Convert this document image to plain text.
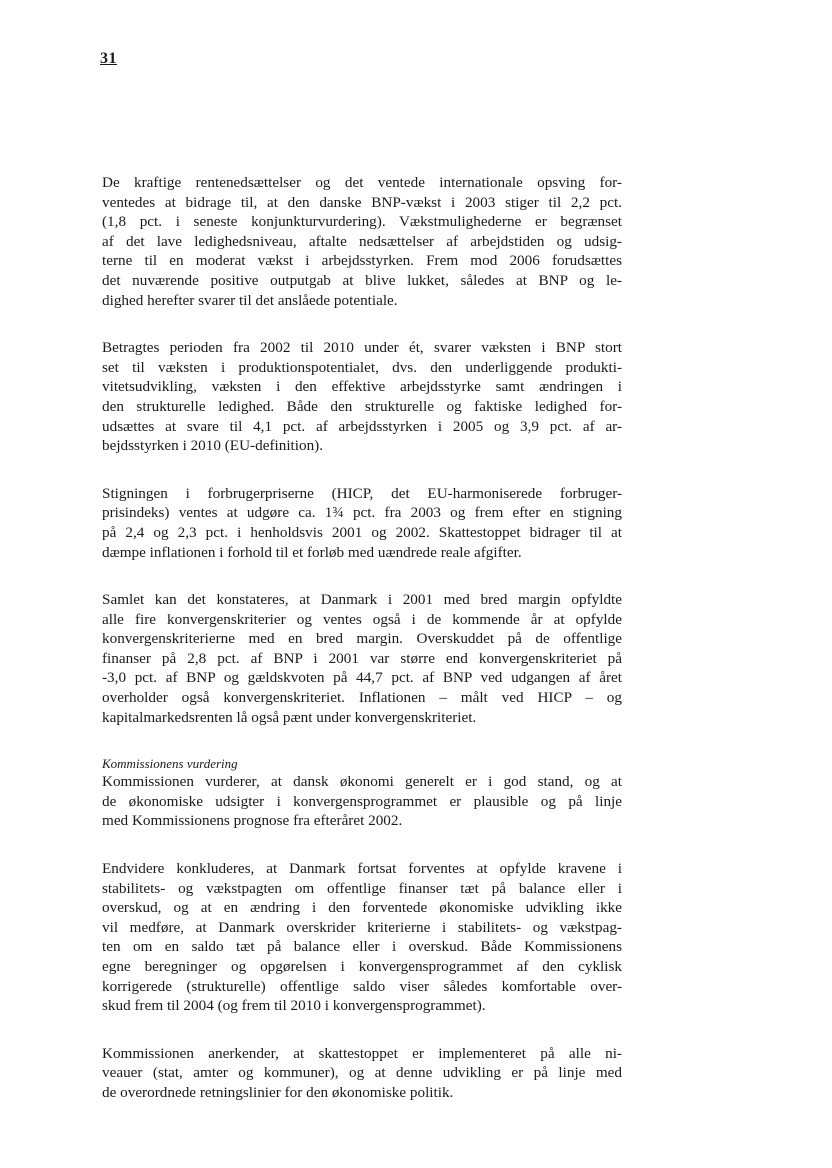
31

De kraftige rentenedsættelser og det ventede internationale opsving for-
ventedes at bidrage til, at den danske BNP-vækst i 2003 stiger til 2,2 pct.
(1,8 pct. i seneste konjunkturvurdering). Vækstmulighederne er begrænset
af det lave ledighedsniveau, aftalte nedsættelser af arbejdstiden og udsig-
terne til en moderat vækst i arbejdsstyrken. Frem mod 2006 forudsættes
det nuværende positive outputgab at blive lukket, således at BNP og le-
dighed herefter svarer til det anslåede potentiale.

Betragtes perioden fra 2002 til 2010 under ét, svarer væksten i BNP stort
set til væksten i produktionspotentialet, dvs. den underliggende produkti-
vitetsudvikling, væksten i den effektive arbejdsstyrke samt ændringen i
den strukturelle ledighed. Både den strukturelle og faktiske ledighed for-
udsættes at svare til 4,1 pct. af arbejdsstyrken i 2005 og 3,9 pct. af ar-
bejdsstyrken i 2010 (EU-definition).

Stigningen i forbrugerpriserne (HICP, det EU-harmoniserede forbruger-
prisindeks) ventes at udgøre ca. 1¾ pct. fra 2003 og frem efter en stigning
på 2,4 og 2,3 pct. i henholdsvis 2001 og 2002. Skattestoppet bidrager til at
dæmpe inflationen i forhold til et forløb med uændrede reale afgifter.

Samlet kan det konstateres, at Danmark i 2001 med bred margin opfyldte
alle fire konvergenskriterier og ventes også i de kommende år at opfylde
konvergenskriterierne med en bred margin. Overskuddet på de offentlige
finanser på 2,8 pct. af BNP i 2001 var større end konvergenskriteriet på
-3,0 pct. af BNP og gældskvoten på 44,7 pct. af BNP ved udgangen af året
overholder også konvergenskriteriet. Inflationen – målt ved HICP – og
kapitalmarkedsrenten lå også pænt under konvergenskriteriet.

Kommissionens vurdering
Kommissionen vurderer, at dansk økonomi generelt er i god stand, og at
de økonomiske udsigter i konvergensprogrammet er plausible og på linje
med Kommissionens prognose fra efteråret 2002.

Endvidere konkluderes, at Danmark fortsat forventes at opfylde kravene i
stabilitets- og vækstpagten om offentlige finanser tæt på balance eller i
overskud, og at en ændring i den forventede økonomiske udvikling ikke
vil medføre, at Danmark overskrider kriterierne i stabilitets- og vækstpag-
ten om en saldo tæt på balance eller i overskud. Både Kommissionens
egne beregninger og opgørelsen i konvergensprogrammet af den cyklisk
korrigerede (strukturelle) offentlige saldo viser således komfortable over-
skud frem til 2004 (og frem til 2010 i konvergensprogrammet).

Kommissionen anerkender, at skattestoppet er implementeret på alle ni-
veauer (stat, amter og kommuner), og at denne udvikling er på linje med
de overordnede retningslinier for den økonomiske politik.
